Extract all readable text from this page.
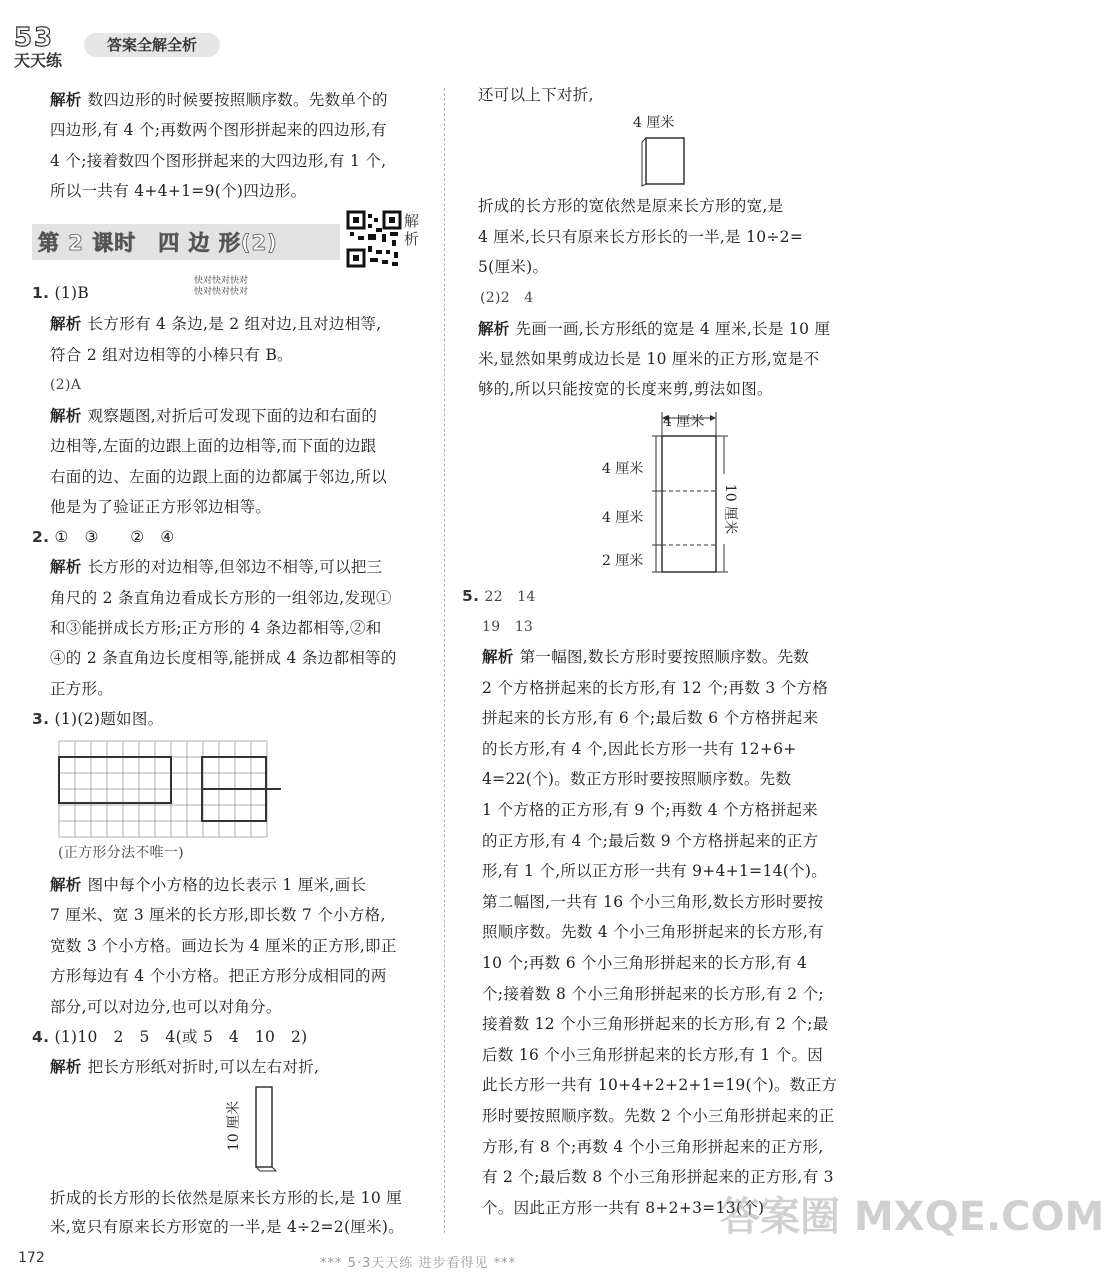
5 3
天天练
答案全解全析
解析 数四边形的时候要按照顺序数。先数单个的
四边形,有 4 个;再数两个图形拼起来的四边形,有
4 个;接着数四个图形拼起来的大四边形,有 1 个,
所以一共有 4+4+1=9(个)四边形。
第 2 课时　四 边 形(2)
解析
快对快对快对
快对快对快对
1. (1)B
解析 长方形有 4 条边,是 2 组对边,且对边相等,
符合 2 组对边相等的小棒只有 B。
(2)A
解析 观察题图,对折后可发现下面的边和右面的
边相等,左面的边跟上面的边相等,而下面的边跟
右面的边、左面的边跟上面的边都属于邻边,所以
他是为了验证正方形邻边相等。
2. ①　③　　②　④
解析 长方形的对边相等,但邻边不相等,可以把三
角尺的 2 条直角边看成长方形的一组邻边,发现①
和③能拼成长方形;正方形的 4 条边都相等,②和
④的 2 条直角边长度相等,能拼成 4 条边都相等的
正方形。
3. (1)(2)题如图。
(正方形分法不唯一)
解析 图中每个小方格的边长表示 1 厘米,画长
7 厘米、宽 3 厘米的长方形,即长数 7 个小方格,
宽数 3 个小方格。画边长为 4 厘米的正方形,即正
方形每边有 4 个小方格。把正方形分成相同的两
部分,可以对边分,也可以对角分。
4. (1)10　2　5　4(或 5　4　10　2)
解析 把长方形纸对折时,可以左右对折,
10 厘米
折成的长方形的长依然是原来长方形的长,是 10 厘
米,宽只有原来长方形宽的一半,是 4÷2=2(厘米)。
还可以上下对折,
4 厘米
折成的长方形的宽依然是原来长方形的宽,是
4 厘米,长只有原来长方形长的一半,是 10÷2=
5(厘米)。
(2)2　4
解析 先画一画,长方形纸的宽是 4 厘米,长是 10 厘
米,显然如果剪成边长是 10 厘米的正方形,宽是不
够的,所以只能按宽的长度来剪,剪法如图。
4 厘米
4 厘米
4 厘米
2 厘米
10 厘米
5. 22　14
19　13
解析 第一幅图,数长方形时要按照顺序数。先数
2 个方格拼起来的长方形,有 12 个;再数 3 个方格
拼起来的长方形,有 6 个;最后数 6 个方格拼起来
的长方形,有 4 个,因此长方形一共有 12+6+
4=22(个)。数正方形时要按照顺序数。先数
1 个方格的正方形,有 9 个;再数 4 个方格拼起来
的正方形,有 4 个;最后数 9 个方格拼起来的正方
形,有 1 个,所以正方形一共有 9+4+1=14(个)。
第二幅图,一共有 16 个小三角形,数长方形时要按
照顺序数。先数 4 个小三角形拼起来的长方形,有
10 个;再数 6 个小三角形拼起来的长方形,有 4
个;接着数 8 个小三角形拼起来的长方形,有 2 个;
接着数 12 个小三角形拼起来的长方形,有 2 个;最
后数 16 个小三角形拼起来的长方形,有 1 个。因
此长方形一共有 10+4+2+2+1=19(个)。数正方
形时要按照顺序数。先数 2 个小三角形拼起来的正
方形,有 8 个;再数 4 个小三角形拼起来的正方形,
有 2 个;最后数 8 个小三角形拼起来的正方形,有 3
个。因此正方形一共有 8+2+3=13(个)
答案圈 MXQE.COM
172	*** 5·3天天练 进步看得见 ***
